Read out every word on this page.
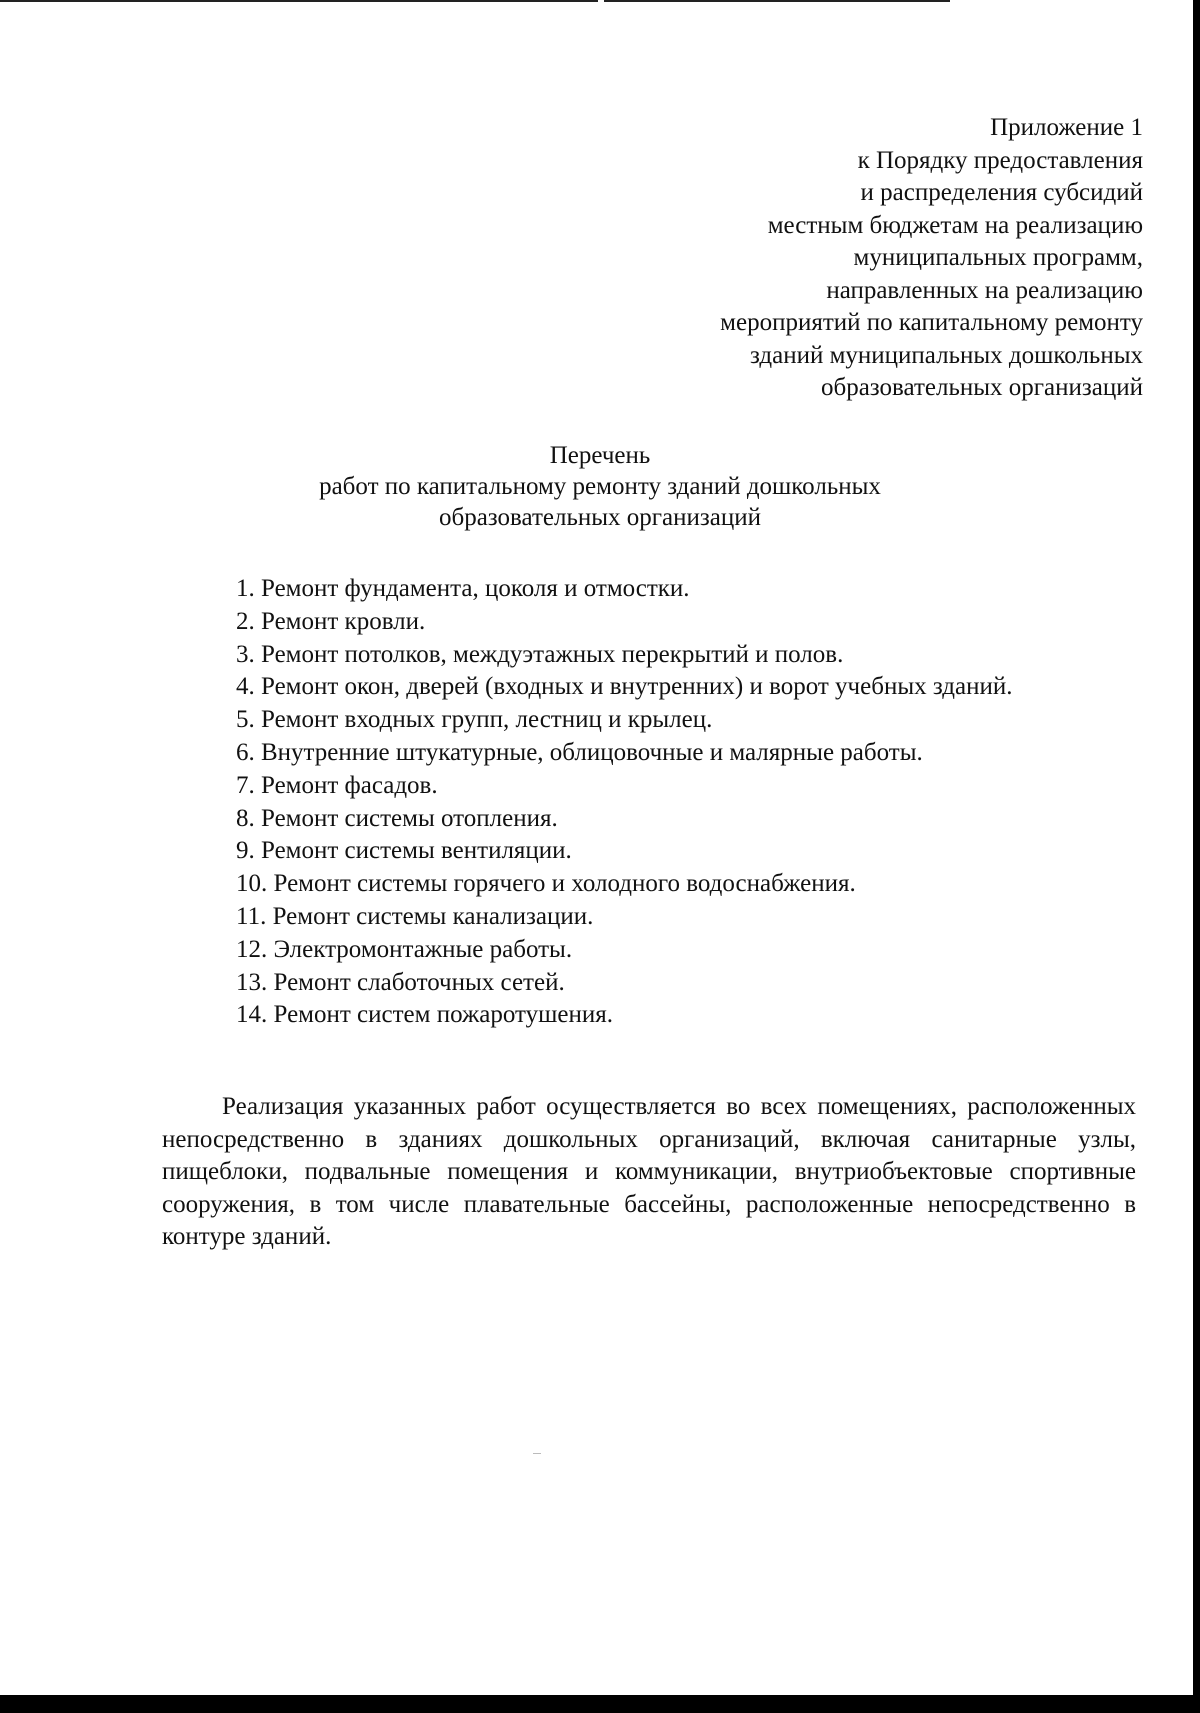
Приложение 1
к Порядку предоставления
и распределения субсидий
местным бюджетам на реализацию
муниципальных программ,
направленных на реализацию
мероприятий по капитальному ремонту
зданий муниципальных дошкольных
образовательных организаций
Перечень
работ по капитальному ремонту зданий дошкольных
образовательных организаций
1. Ремонт фундамента, цоколя и отмостки.
2. Ремонт кровли.
3. Ремонт потолков, междуэтажных перекрытий и полов.
4. Ремонт окон, дверей (входных и внутренних) и ворот учебных зданий.
5. Ремонт входных групп, лестниц и крылец.
6. Внутренние штукатурные, облицовочные и малярные работы.
7. Ремонт фасадов.
8. Ремонт системы отопления.
9. Ремонт системы вентиляции.
10. Ремонт системы горячего и холодного водоснабжения.
11. Ремонт системы канализации.
12. Электромонтажные работы.
13. Ремонт слаботочных сетей.
14. Ремонт систем пожаротушения.

Реализация указанных работ осуществляется во всех помещениях, расположенных непосредственно в зданиях дошкольных организаций, включая санитарные узлы, пищеблоки, подвальные помещения и коммуникации, внутриобъектовые спортивные сооружения, в том числе плавательные бассейны, расположенные непосредственно в контуре зданий.
